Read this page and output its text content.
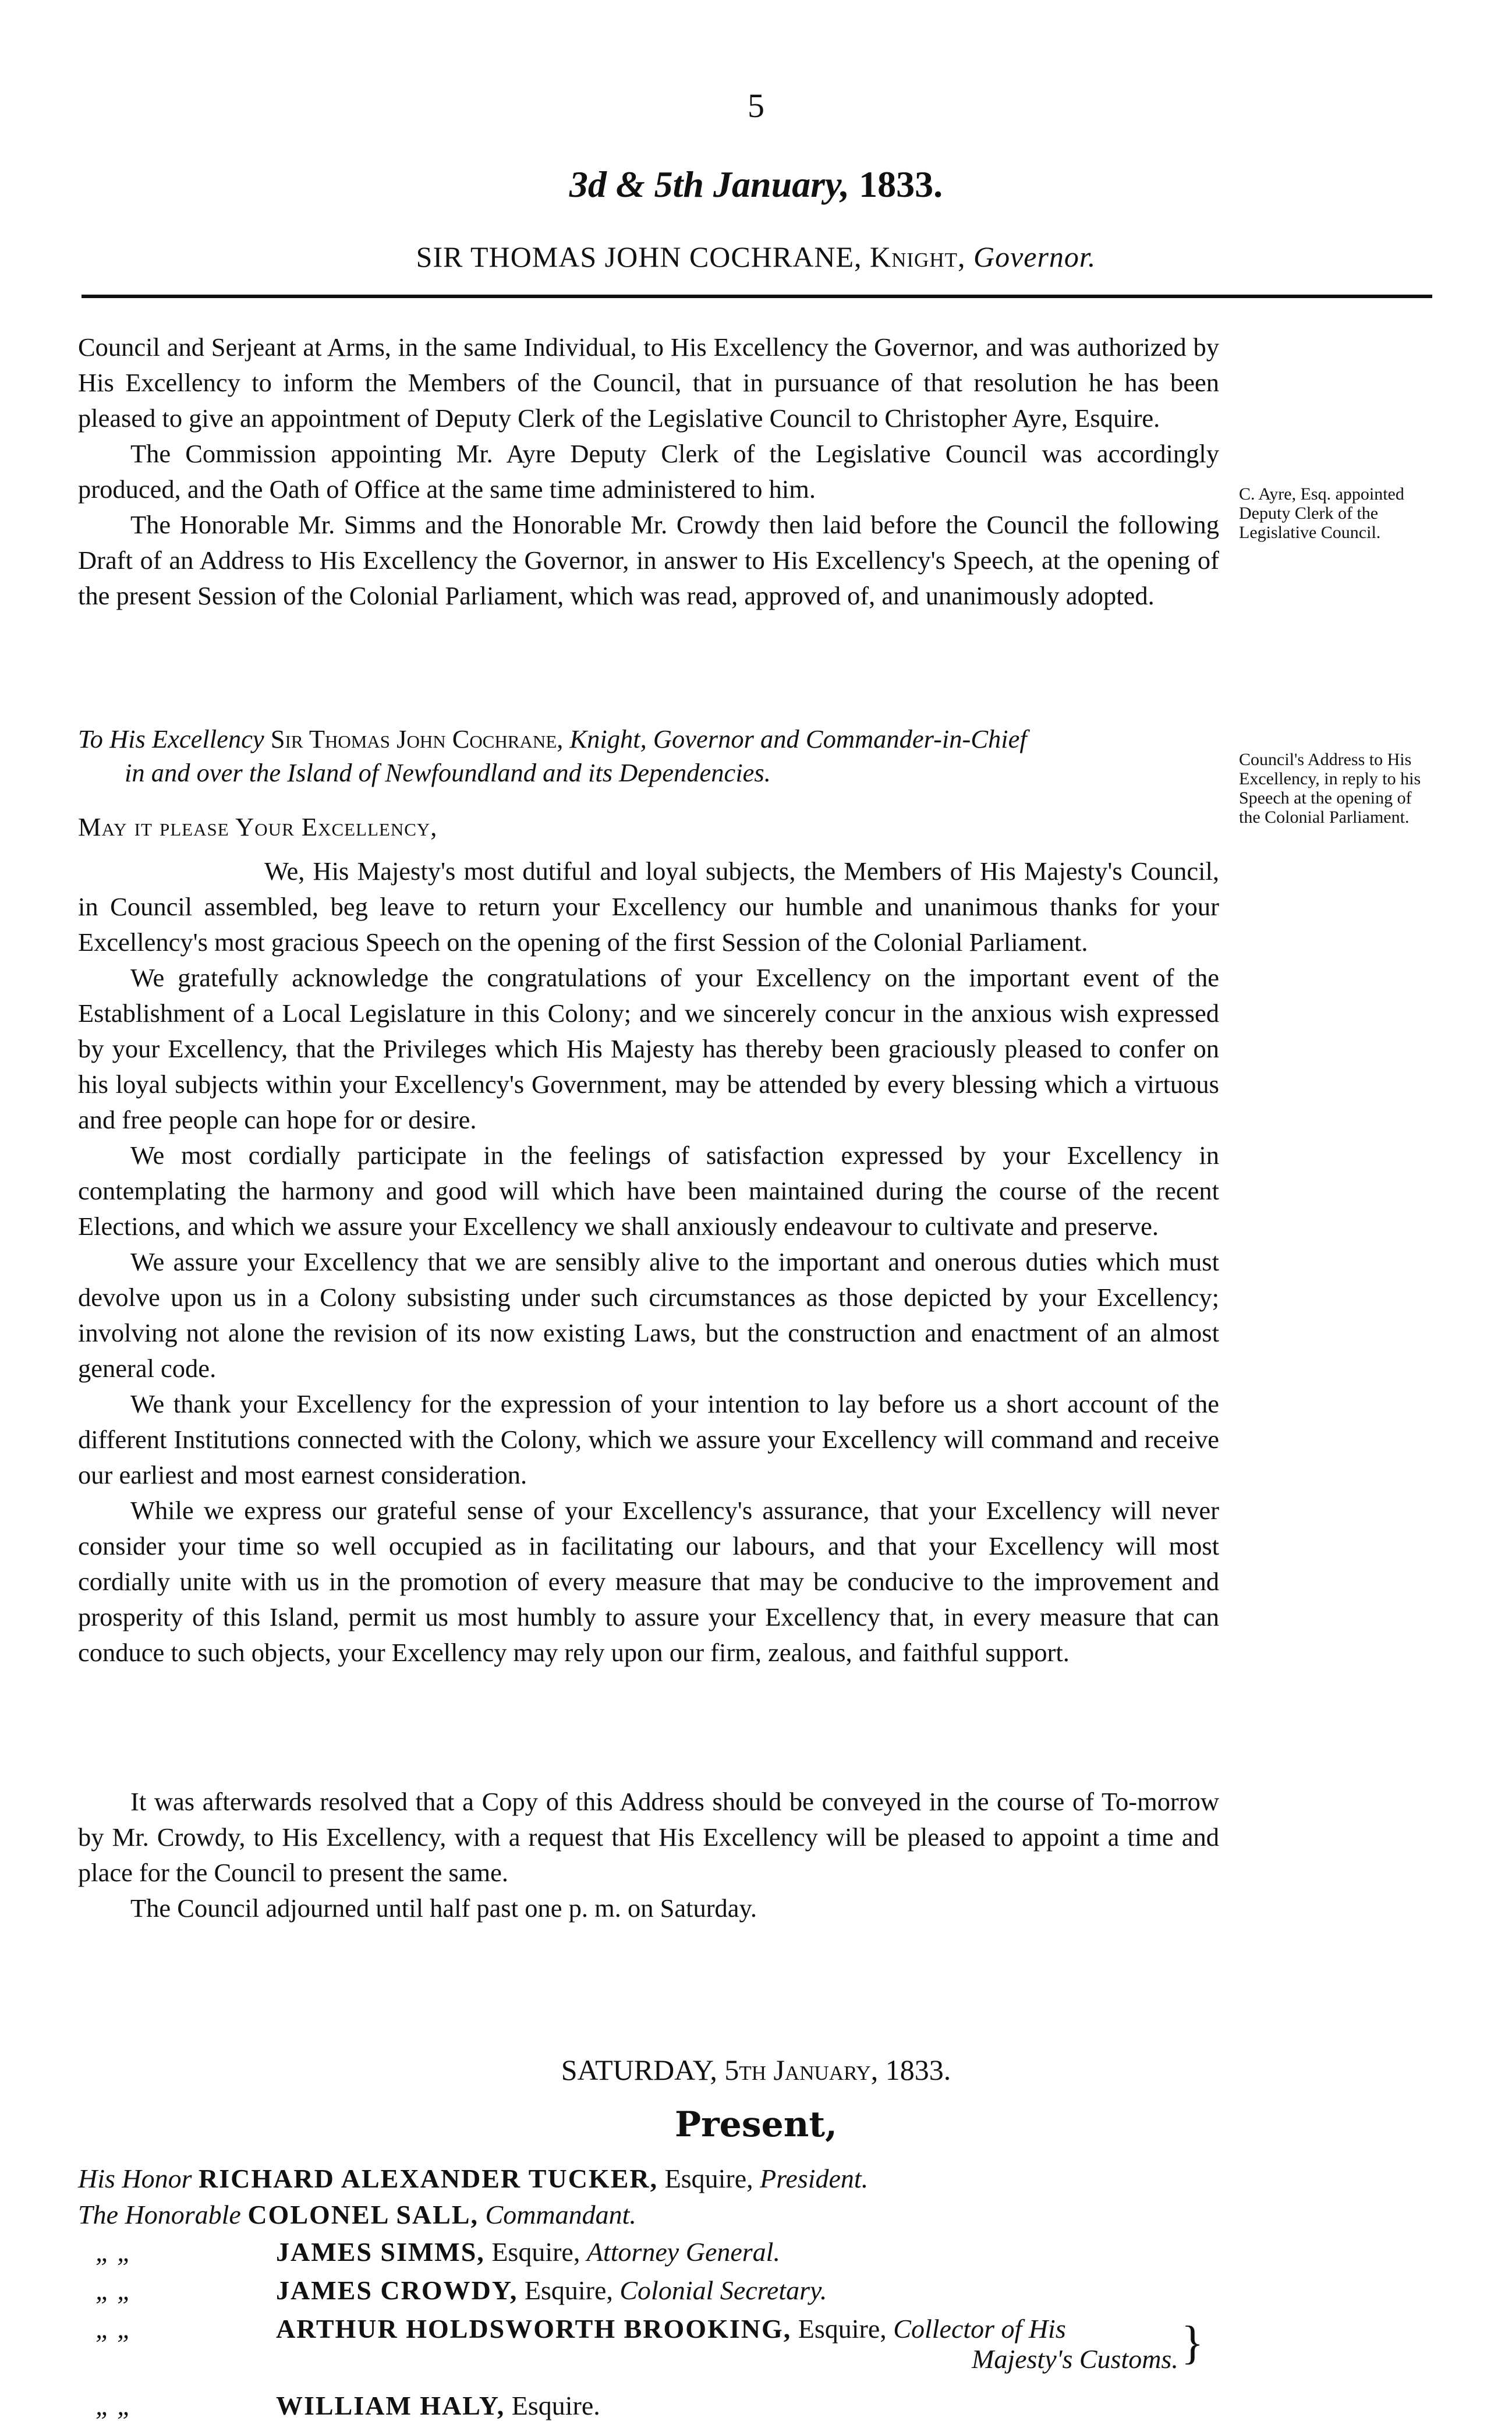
5
3d & 5th January, 1833.
SIR THOMAS JOHN COCHRANE, Knight, Governor.

Council and Serjeant at Arms, in the same Individual, to His Excellency the Governor, and was authorized by His Excellency to inform the Members of the Council, that in pursuance of that resolution he has been pleased to give an appointment of Deputy Clerk of the Legislative Council to Christopher Ayre, Esquire.

The Commission appointing Mr. Ayre Deputy Clerk of the Legislative Council was accordingly produced, and the Oath of Office at the same time administered to him.

The Honorable Mr. Simms and the Honorable Mr. Crowdy then laid before the Council the following Draft of an Address to His Excellency the Governor, in answer to His Excellency's Speech, at the opening of the present Session of the Colonial Parliament, which was read, approved of, and unanimously adopted.

C. Ayre, Esq. appointed Deputy Clerk of the Legislative Council.
To His Excellency Sir Thomas John Cochrane, Knight, Governor and Commander-in-Chief
in and over the Island of Newfoundland and its Dependencies.	Council's Address to His Excellency, in reply to his Speech at the opening of the Colonial Parliament.
May it please Your Excellency,

We, His Majesty's most dutiful and loyal subjects, the Members of His Majesty's Council, in Council assembled, beg leave to return your Excellency our humble and unanimous thanks for your Excellency's most gracious Speech on the opening of the first Session of the Colonial Parliament.

We gratefully acknowledge the congratulations of your Excellency on the important event of the Establishment of a Local Legislature in this Colony; and we sincerely concur in the anxious wish expressed by your Excellency, that the Privileges which His Majesty has thereby been graciously pleased to confer on his loyal subjects within your Excellency's Government, may be attended by every blessing which a virtuous and free people can hope for or desire.

We most cordially participate in the feelings of satisfaction expressed by your Excellency in contemplating the harmony and good will which have been maintained during the course of the recent Elections, and which we assure your Excellency we shall anxiously endeavour to cultivate and preserve.

We assure your Excellency that we are sensibly alive to the important and onerous duties which must devolve upon us in a Colony subsisting under such circumstances as those depicted by your Excellency; involving not alone the revision of its now existing Laws, but the construction and enactment of an almost general code.

We thank your Excellency for the expression of your intention to lay before us a short account of the different Institutions connected with the Colony, which we assure your Excellency will command and receive our earliest and most earnest consideration.

While we express our grateful sense of your Excellency's assurance, that your Excellency will never consider your time so well occupied as in facilitating our labours, and that your Excellency will most cordially unite with us in the promotion of every measure that may be conducive to the improvement and prosperity of this Island, permit us most humbly to assure your Excellency that, in every measure that can conduce to such objects, your Excellency may rely upon our firm, zealous, and faithful support.

It was afterwards resolved that a Copy of this Address should be conveyed in the course of To-morrow by Mr. Crowdy, to His Excellency, with a request that His Excellency will be pleased to appoint a time and place for the Council to present the same.

The Council adjourned until half past one p. m. on Saturday.

SATURDAY, 5th January, 1833.
Present,
His Honor RICHARD ALEXANDER TUCKER, Esquire, President.
The Honorable COLONEL SALL, Commandant.
„ „	JAMES SIMMS, Esquire, Attorney General.
„ „	JAMES CROWDY, Esquire, Colonial Secretary.
„ „	ARTHUR HOLDSWORTH BROOKING, Esquire, Collector of His
Majesty's Customs. }
„ „	WILLIAM HALY, Esquire.
